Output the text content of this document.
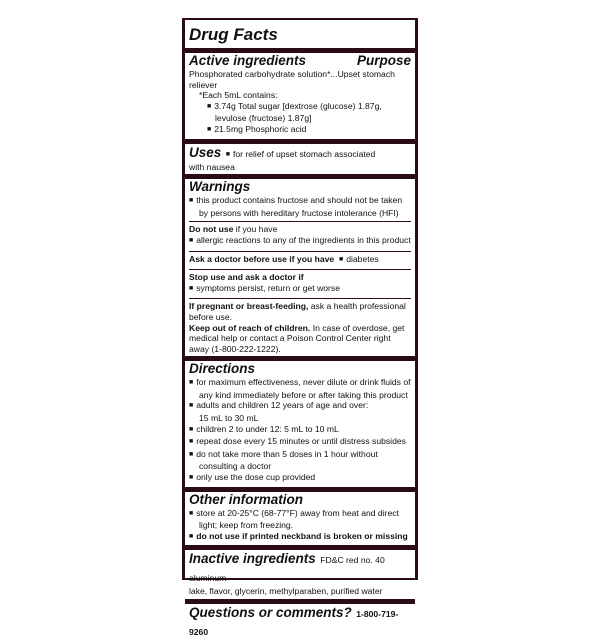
Drug Facts
Active ingredients	Purpose
Phosphorated carbohydrate solution*...Upset stomach reliever
*Each 5mL contains:
■ 3.74g Total sugar [dextrose (glucose) 1.87g,
levulose (fructose) 1.87g]
■ 21.5mg Phosphoric acid
Uses ■ for relief of upset stomach associated
with nausea
Warnings
■ this product contains fructose and should not be taken
by persons with hereditary fructose intolerance (HFI)
Do not use if you have
■ allergic reactions to any of the ingredients in this product
Ask a doctor before use if you have ■ diabetes
Stop use and ask a doctor if
■ symptoms persist, return or get worse
If pregnant or breast-feeding, ask a health professional
before use.
Keep out of reach of children. In case of overdose, get
medical help or contact a Poison Control Center right
away (1-800-222-1222).
Directions
■ for maximum effectiveness, never dilute or drink fluids of
any kind immediately before or after taking this product
■ adults and children 12 years of age and over:
15 mL to 30 mL
■ children 2 to under 12: 5 mL to 10 mL
■ repeat dose every 15 minutes or until distress subsides
■ do not take more than 5 doses in 1 hour without
consulting a doctor
■ only use the dose cup provided
Other information
■ store at 20-25°C (68-77°F) away from heat and direct
light; keep from freezing.
■ do not use if printed neckband is broken or missing
Inactive ingredients FD&C red no. 40 aluminum
lake, flavor, glycerin, methylparaben, purified water
Questions or comments? 1-800-719-9260
